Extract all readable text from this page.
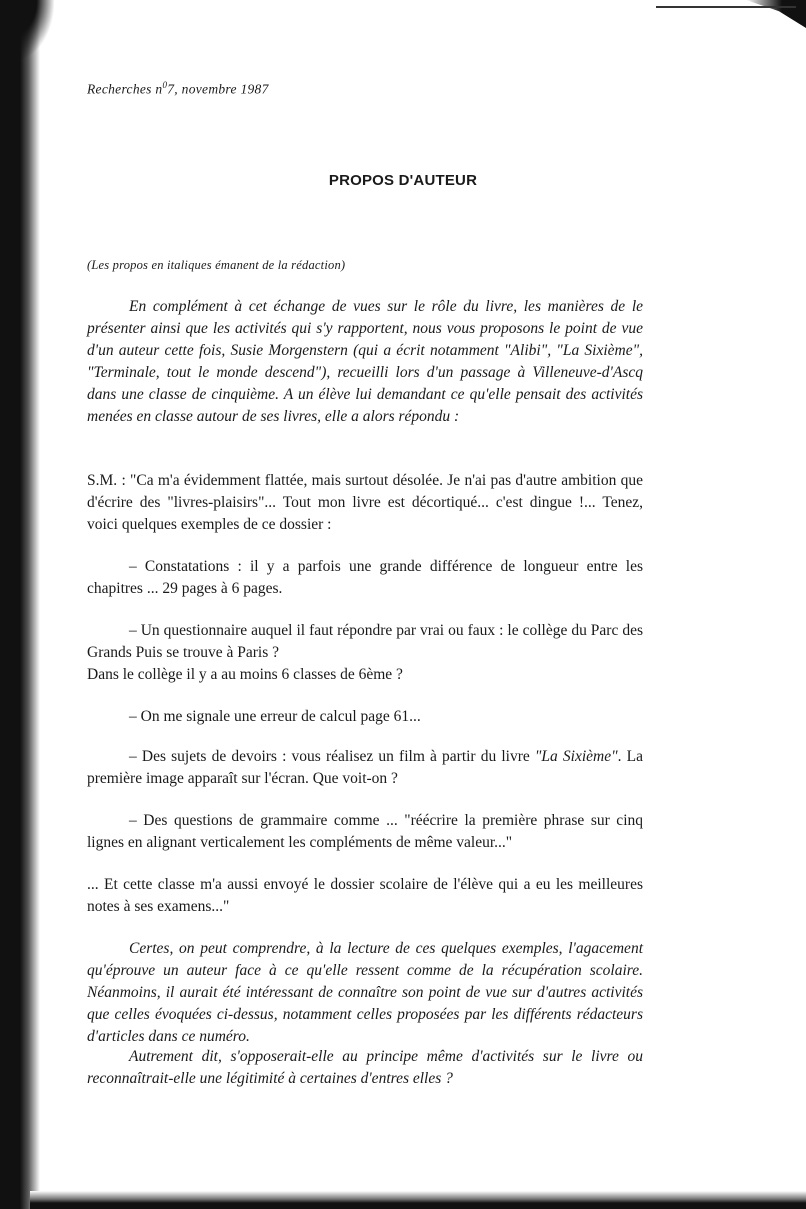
Recherches $n^07$, novembre 1987
PROPOS D'AUTEUR
(Les propos en italiques émanent de la rédaction)

En complément à cet échange de vues sur le rôle du livre, les manières de le présenter ainsi que les activités qui s'y rapportent, nous vous proposons le point de vue d'un auteur cette fois, Susie Morgenstern (qui a écrit notamment "Alibi", "La Sixième", "Terminale, tout le monde descend"), recueilli lors d'un passage à Villeneuve-d'Ascq dans une classe de cinquième. A un élève lui demandant ce qu'elle pensait des activités menées en classe autour de ses livres, elle a alors répondu :

S.M. : "Ca m'a évidemment flattée, mais surtout désolée. Je n'ai pas d'autre ambition que d'écrire des "livres-plaisirs"... Tout mon livre est décortiqué... c'est dingue !... Tenez, voici quelques exemples de ce dossier :

– Constatations : il y a parfois une grande différence de longueur entre les chapitres ... 29 pages à 6 pages.

– Un questionnaire auquel il faut répondre par vrai ou faux : le collège du Parc des Grands Puis se trouve à Paris ?
Dans le collège il y a au moins 6 classes de 6ème ?

– On me signale une erreur de calcul page 61...

– Des sujets de devoirs : vous réalisez un film à partir du livre "La Sixième". La première image apparaît sur l'écran. Que voit-on ?

– Des questions de grammaire comme ... "réécrire la première phrase sur cinq lignes en alignant verticalement les compléments de même valeur..."

... Et cette classe m'a aussi envoyé le dossier scolaire de l'élève qui a eu les meilleures notes à ses examens..."

Certes, on peut comprendre, à la lecture de ces quelques exemples, l'agacement qu'éprouve un auteur face à ce qu'elle ressent comme de la récupération scolaire. Néanmoins, il aurait été intéressant de connaître son point de vue sur d'autres activités que celles évoquées ci-dessus, notamment celles proposées par les différents rédacteurs d'articles dans ce numéro.

Autrement dit, s'opposerait-elle au principe même d'activités sur le livre ou reconnaîtrait-elle une légitimité à certaines d'entres elles ?
